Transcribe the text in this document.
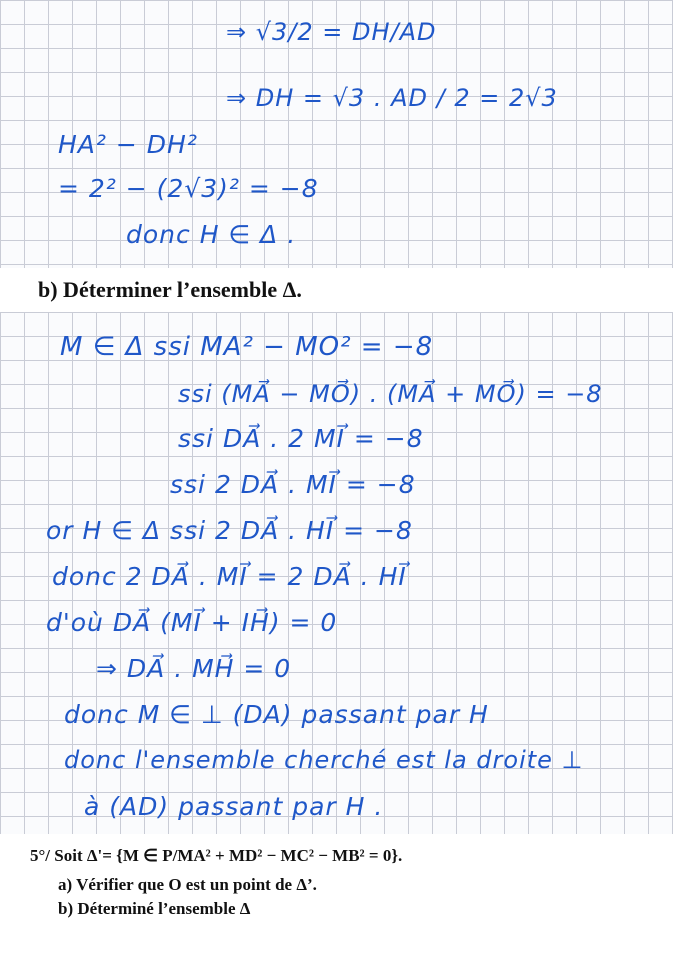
⇒ √3/2 = DH/AD
⇒ DH = √3 . AD / 2 = 2√3
HA² − DH²
= 2² − (2√3)² = −8
donc H ∈ Δ .
b) Déterminer l’ensemble Δ.
M ∈ Δ ssi MA² − MO² = −8
ssi (MA⃗ − MO⃗) . (MA⃗ + MO⃗) = −8
ssi DA⃗ . 2 MI⃗ = −8
ssi 2 DA⃗ . MI⃗ = −8
or H ∈ Δ ssi 2 DA⃗ . HI⃗ = −8
donc 2 DA⃗ . MI⃗ = 2 DA⃗ . HI⃗
d'où DA⃗ (MI⃗ + IH⃗) = 0
⇒ DA⃗ . MH⃗ = 0
donc M ∈ ⊥ (DA) passant par H
donc l'ensemble cherché est la droite ⊥
à (AD) passant par H .
5°/ Soit Δ'= {M ∈ P/MA² + MD² − MC² − MB² = 0}.
a) Vérifier que O est un point de Δ’.
b) Déterminé l’ensemble Δ
